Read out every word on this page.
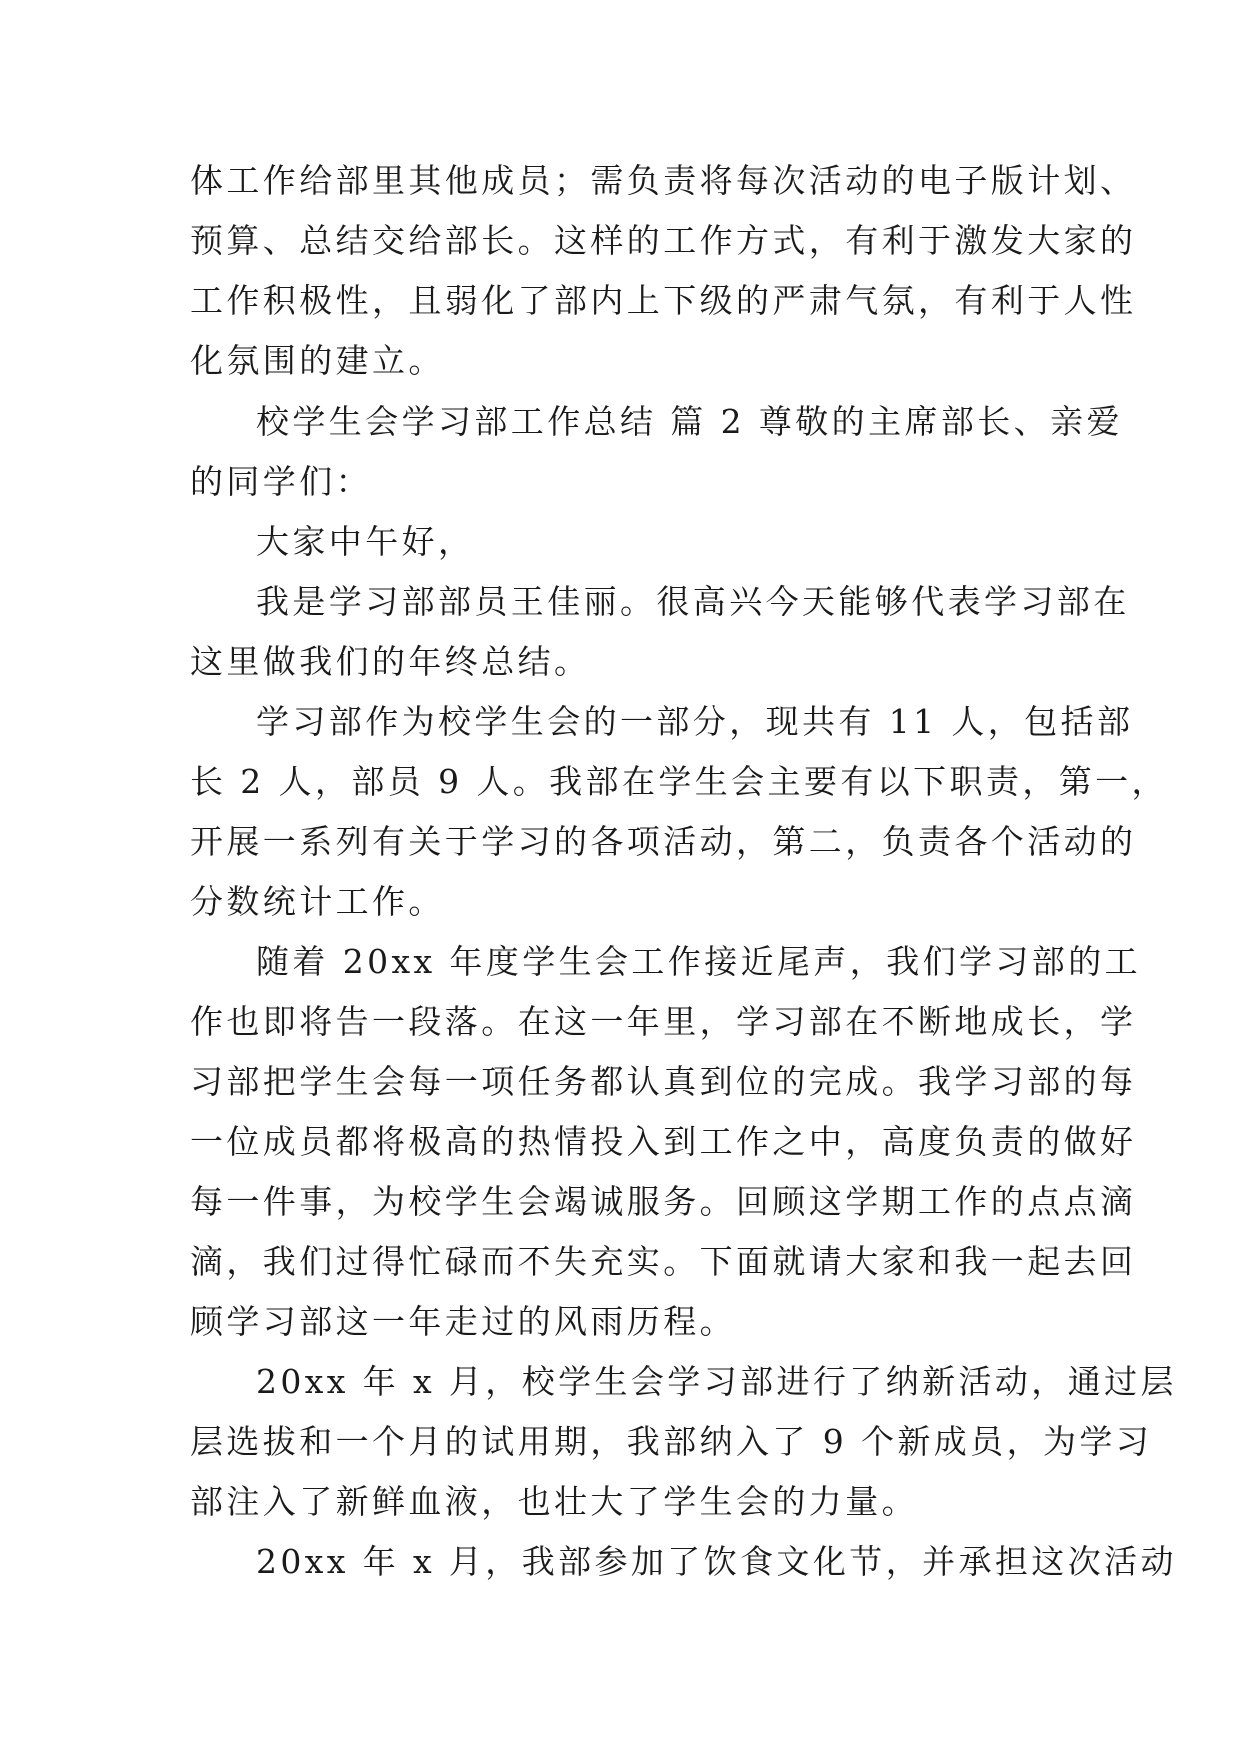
体工作给部里其他成员；需负责将每次活动的电子版计划、
预算、总结交给部长。这样的工作方式，有利于激发大家的
工作积极性，且弱化了部内上下级的严肃气氛，有利于人性
化氛围的建立。
校学生会学习部工作总结 篇 2 尊敬的主席部长、亲爱
的同学们：
大家中午好，
我是学习部部员王佳丽。很高兴今天能够代表学习部在
这里做我们的年终总结。
学习部作为校学生会的一部分，现共有 11 人，包括部
长 2 人，部员 9 人。我部在学生会主要有以下职责，第一，
开展一系列有关于学习的各项活动，第二，负责各个活动的
分数统计工作。
随着 20xx 年度学生会工作接近尾声，我们学习部的工
作也即将告一段落。在这一年里，学习部在不断地成长，学
习部把学生会每一项任务都认真到位的完成。我学习部的每
一位成员都将极高的热情投入到工作之中，高度负责的做好
每一件事，为校学生会竭诚服务。回顾这学期工作的点点滴
滴，我们过得忙碌而不失充实。下面就请大家和我一起去回
顾学习部这一年走过的风雨历程。
20xx 年 x 月，校学生会学习部进行了纳新活动，通过层
层选拔和一个月的试用期，我部纳入了 9 个新成员，为学习
部注入了新鲜血液，也壮大了学生会的力量。
20xx 年 x 月，我部参加了饮食文化节，并承担这次活动
